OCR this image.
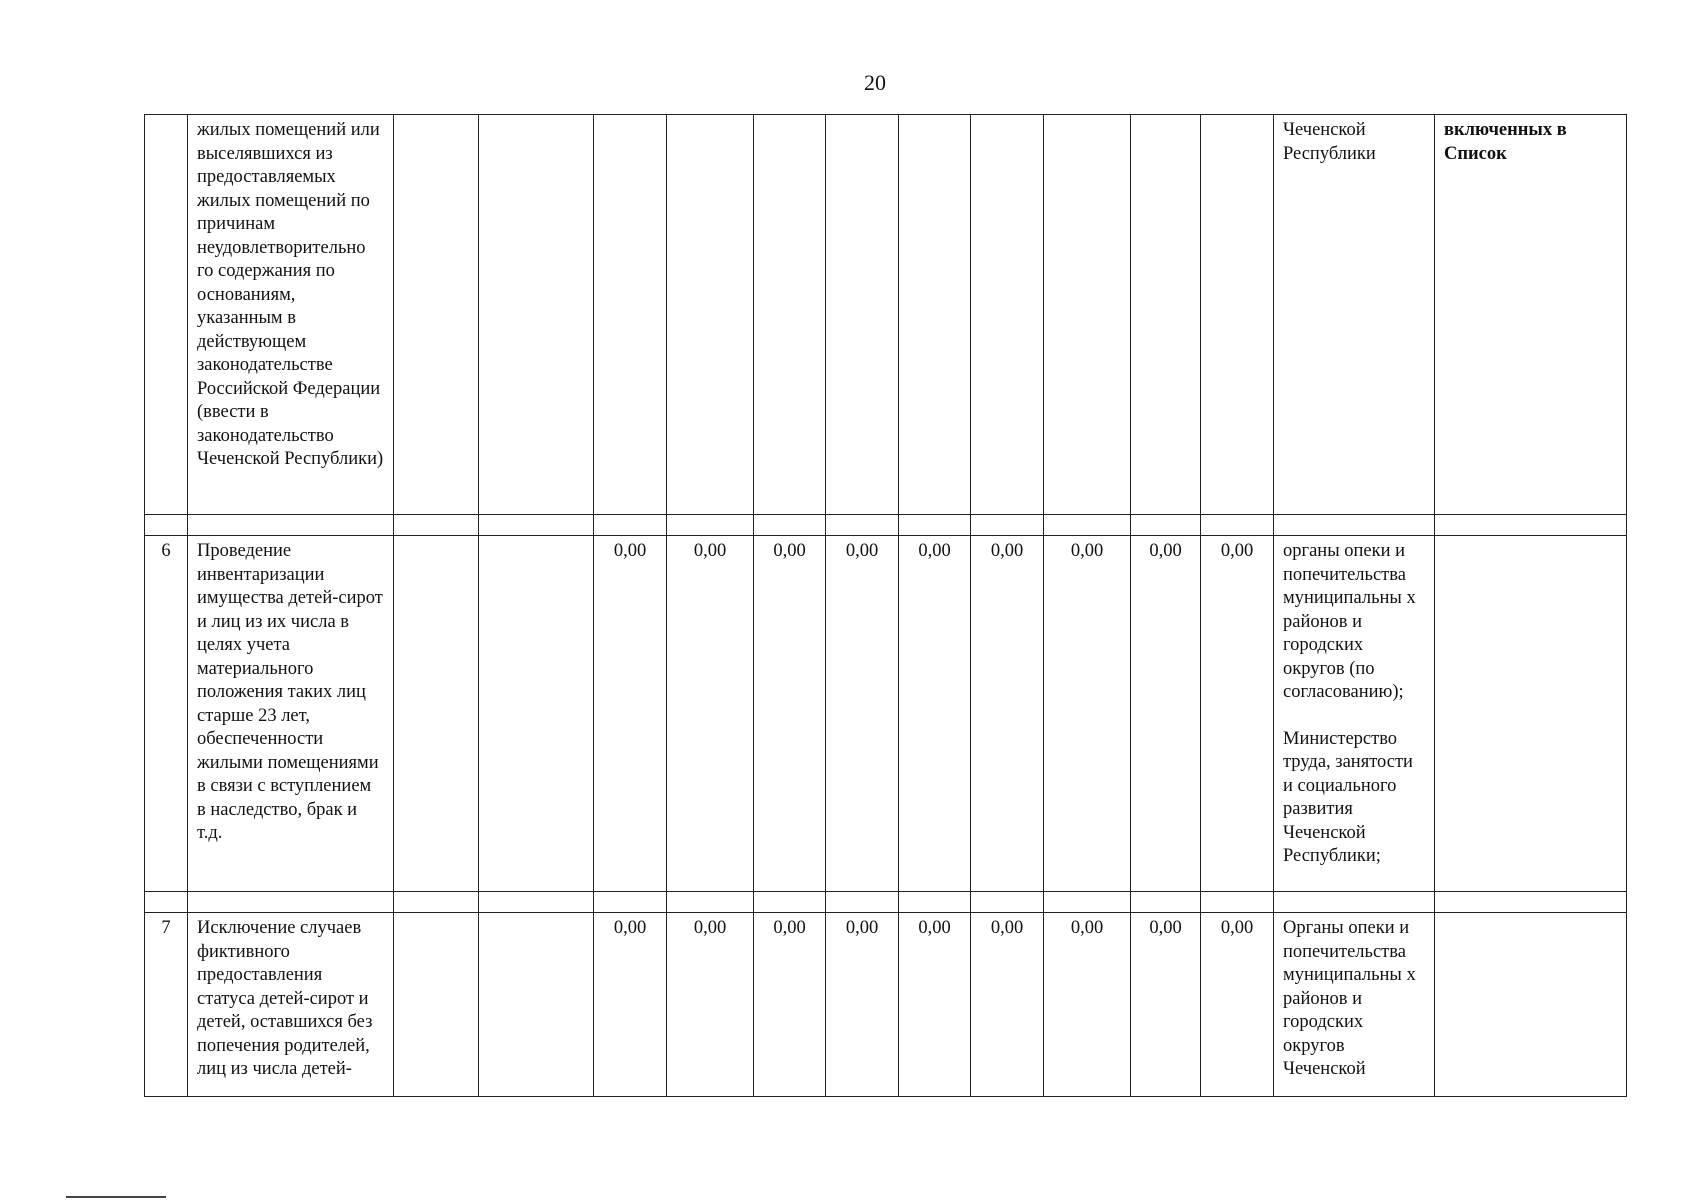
20
	жилых помещений или выселявшихся из предоставляемых жилых помещений по причинам неудовлетворительно го содержания по основаниям, указанным в действующем законодательстве Российской Федерации (ввести в законодательство Чеченской Республики)												Чеченской Республики	включенных в Список

6	Проведение инвентаризации имущества детей-сирот и лиц из их числа в целях учета материального положения таких лиц старше 23 лет, обеспеченности жилыми помещениями в связи с вступлением в наследство, брак и т.д.			0,00	0,00	0,00	0,00	0,00	0,00	0,00	0,00	0,00	органы опеки и попечительства муниципальны х районов и городских округов (по согласованию);
Министерство труда, занятости и социального развития Чеченской Республики;	

7	Исключение случаев фиктивного предоставления статуса детей-сирот и детей, оставшихся без попечения родителей, лиц из числа детей-			0,00	0,00	0,00	0,00	0,00	0,00	0,00	0,00	0,00	Органы опеки и попечительства муниципальны х районов и городских округов Чеченской	
